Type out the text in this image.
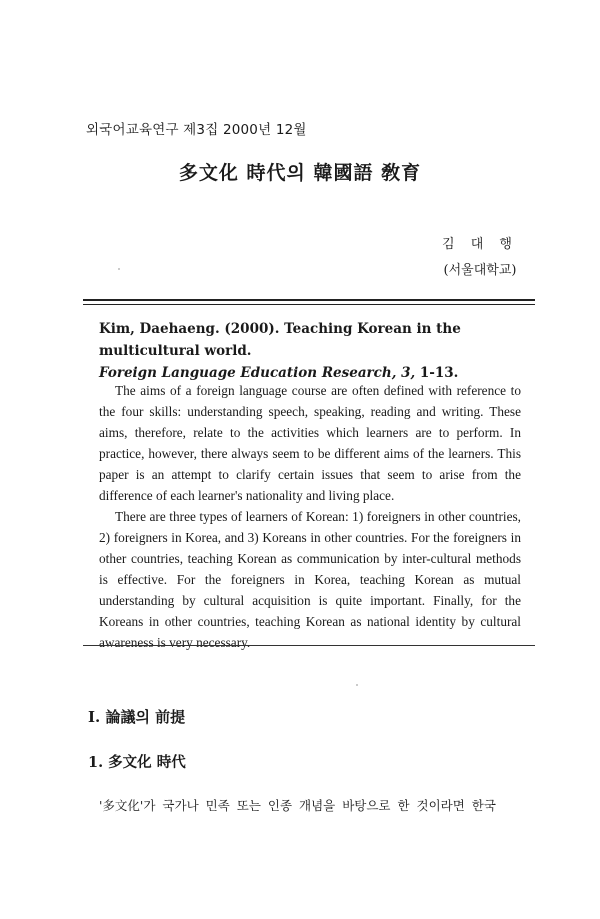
외국어교육연구 제3집 2000년 12월
多文化 時代의 韓國語 敎育
김 대 행
(서울대학교)
Kim, Daehaeng. (2000). Teaching Korean in the multicultural world.
Foreign Language Education Research, 3, 1-13.

The aims of a foreign language course are often defined with reference to the four skills: understanding speech, speaking, reading and writing. These aims, therefore, relate to the activities which learners are to perform. In practice, however, there always seem to be different aims of the learners. This paper is an attempt to clarify certain issues that seem to arise from the difference of each learner's nationality and living place.

There are three types of learners of Korean: 1) foreigners in other countries, 2) foreigners in Korea, and 3) Koreans in other countries. For the foreigners in other countries, teaching Korean as communication by inter-cultural methods is effective. For the foreigners in Korea, teaching Korean as mutual understanding by cultural acquisition is quite important. Finally, for the Koreans in other countries, teaching Korean as national identity by cultural awareness is very necessary.

Ⅰ. 論議의 前提
1. 多文化 時代
'多文化'가 국가나 민족 또는 인종 개념을 바탕으로 한 것이라면 한국
